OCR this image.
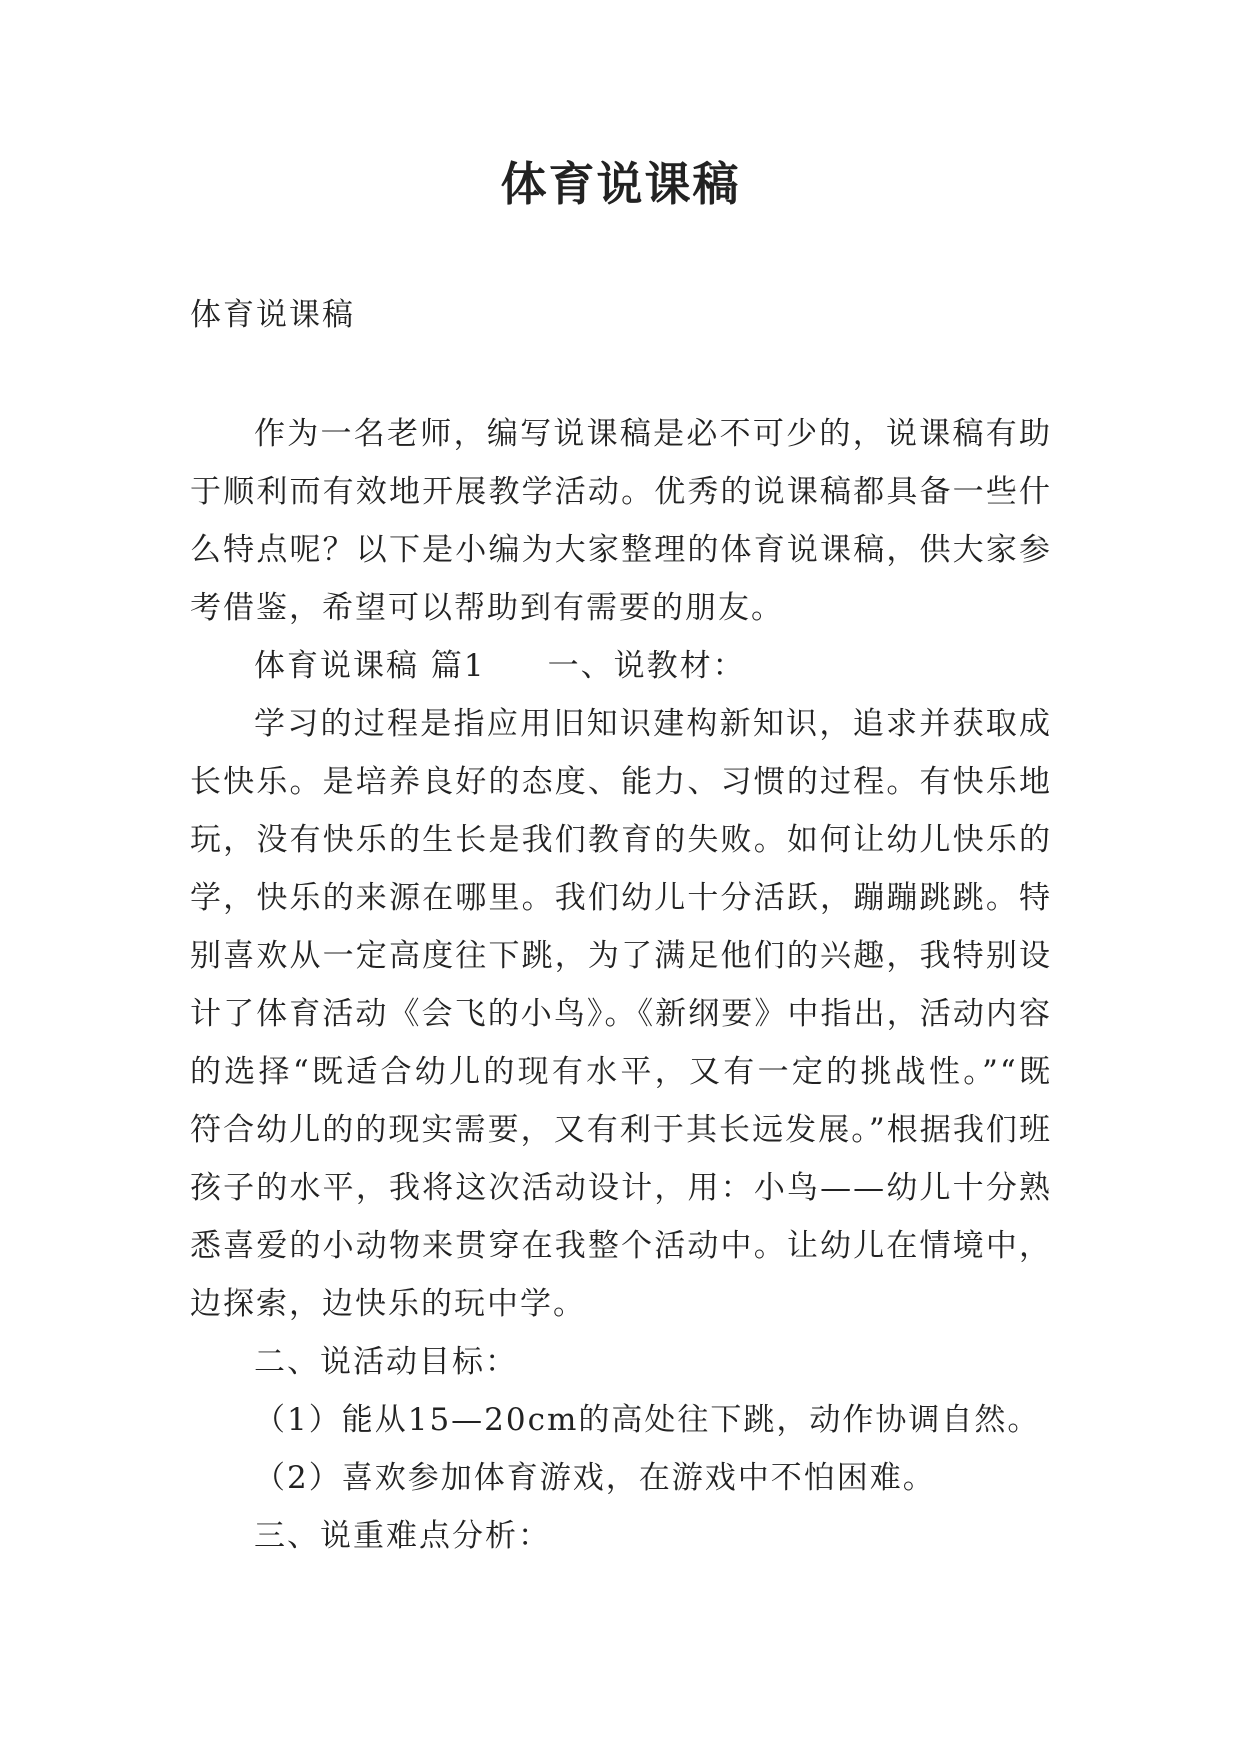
体育说课稿

体育说课稿

作为一名老师，编写说课稿是必不可少的，说课稿有助于顺利而有效地开展教学活动。优秀的说课稿都具备一些什么特点呢？以下是小编为大家整理的体育说课稿，供大家参考借鉴，希望可以帮助到有需要的朋友。

体育说课稿 篇1 一、说教材：

学习的过程是指应用旧知识建构新知识，追求并获取成长快乐。是培养良好的态度、能力、习惯的过程。有快乐地玩，没有快乐的生长是我们教育的失败。如何让幼儿快乐的学，快乐的来源在哪里。我们幼儿十分活跃，蹦蹦跳跳。特别喜欢从一定高度往下跳，为了满足他们的兴趣，我特别设计了体育活动《会飞的小鸟》。《新纲要》中指出，活动内容的选择“既适合幼儿的现有水平，又有一定的挑战性。”“既符合幼儿的的现实需要，又有利于其长远发展。”根据我们班孩子的水平，我将这次活动设计，用：小鸟——幼儿十分熟悉喜爱的小动物来贯穿在我整个活动中。让幼儿在情境中，边探索，边快乐的玩中学。

二、说活动目标：

（1）能从15—20cm的高处往下跳，动作协调自然。

（2）喜欢参加体育游戏，在游戏中不怕困难。

三、说重难点分析：
